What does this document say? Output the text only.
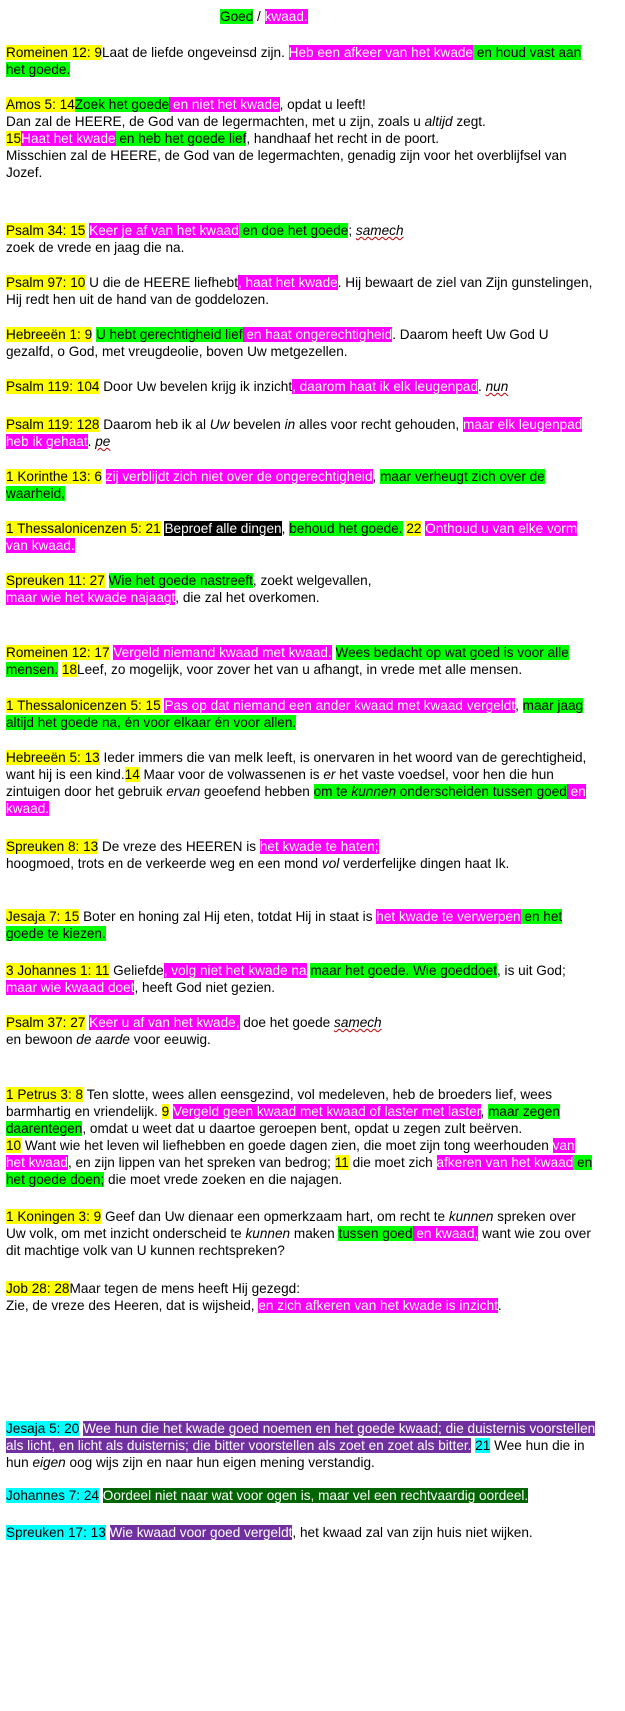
Goed / kwaad.
Romeinen 12: 9Laat de liefde ongeveinsd zijn. Heb een afkeer van het kwade en houd vast aan het goede.
Amos 5: 14Zoek het goede en niet het kwade, opdat u leeft!
Dan zal de HEERE, de God van de legermachten, met u zijn, zoals u altijd zegt.
15Haat het kwade en heb het goede lief, handhaaf het recht in de poort.
Misschien zal de HEERE, de God van de legermachten, genadig zijn voor het overblijfsel van Jozef.
Psalm 34: 15 Keer je af van het kwaad en doe het goede; samech
zoek de vrede en jaag die na.
Psalm 97: 10 U die de HEERE liefhebt, haat het kwade. Hij bewaart de ziel van Zijn gunstelingen, Hij redt hen uit de hand van de goddelozen.
Hebreeën 1: 9 U hebt gerechtigheid lief en haat ongerechtigheid. Daarom heeft Uw God U gezalfd, o God, met vreugdeolie, boven Uw metgezellen.
Psalm 119: 104 Door Uw bevelen krijg ik inzicht, daarom haat ik elk leugenpad. nun
Psalm 119: 128 Daarom heb ik al Uw bevelen in alles voor recht gehouden, maar elk leugenpad heb ik gehaat. pe
1 Korinthe 13: 6 zij verblijdt zich niet over de ongerechtigheid, maar verheugt zich over de waarheid,
1 Thessalonicenzen 5: 21 Beproef alle dingen, behoud het goede. 22 Onthoud u van elke vorm van kwaad.
Spreuken 11: 27 Wie het goede nastreeft, zoekt welgevallen,
maar wie het kwade najaagt, die zal het overkomen.
Romeinen 12: 17 Vergeld niemand kwaad met kwaad. Wees bedacht op wat goed is voor alle mensen. 18Leef, zo mogelijk, voor zover het van u afhangt, in vrede met alle mensen.
1 Thessalonicenzen 5: 15 Pas op dat niemand een ander kwaad met kwaad vergeldt, maar jaag altijd het goede na, én voor elkaar én voor allen.
Hebreeën 5: 13 Ieder immers die van melk leeft, is onervaren in het woord van de gerechtigheid, want hij is een kind.14 Maar voor de volwassenen is er het vaste voedsel, voor hen die hun zintuigen door het gebruik ervan geoefend hebben om te kunnen onderscheiden tussen goed en kwaad.
Spreuken 8: 13 De vreze des HEEREN is het kwade te haten;
hoogmoed, trots en de verkeerde weg en een mond vol verderfelijke dingen haat Ik.
Jesaja 7: 15 Boter en honing zal Hij eten, totdat Hij in staat is het kwade te verwerpen en het goede te kiezen.
3 Johannes 1: 11 Geliefde, volg niet het kwade na maar het goede. Wie goeddoet, is uit God;
maar wie kwaad doet, heeft God niet gezien.
Psalm 37: 27 Keer u af van het kwade, doe het goede samech
en bewoon de aarde voor eeuwig.
1 Petrus 3: 8 Ten slotte, wees allen eensgezind, vol medeleven, heb de broeders lief, wees barmhartig en vriendelijk. 9 Vergeld geen kwaad met kwaad of laster met laster, maar zegen daarentegen, omdat u weet dat u daartoe geroepen bent, opdat u zegen zult beërven.
10 Want wie het leven wil liefhebben en goede dagen zien, die moet zijn tong weerhouden van het kwaad, en zijn lippen van het spreken van bedrog; 11 die moet zich afkeren van het kwaad en het goede doen; die moet vrede zoeken en die najagen.
1 Koningen 3: 9 Geef dan Uw dienaar een opmerkzaam hart, om recht te kunnen spreken over Uw volk, om met inzicht onderscheid te kunnen maken tussen goed en kwaad, want wie zou over dit machtige volk van U kunnen rechtspreken?
Job 28: 28Maar tegen de mens heeft Hij gezegd:
Zie, de vreze des Heeren, dat is wijsheid, en zich afkeren van het kwade is inzicht.
Jesaja 5: 20 Wee hun die het kwade goed noemen en het goede kwaad; die duisternis voorstellen als licht, en licht als duisternis; die bitter voorstellen als zoet en zoet als bitter. 21 Wee hun die in hun eigen oog wijs zijn en naar hun eigen mening verstandig.
Johannes 7: 24 Oordeel niet naar wat voor ogen is, maar vel een rechtvaardig oordeel.
Spreuken 17: 13 Wie kwaad voor goed vergeldt, het kwaad zal van zijn huis niet wijken.
